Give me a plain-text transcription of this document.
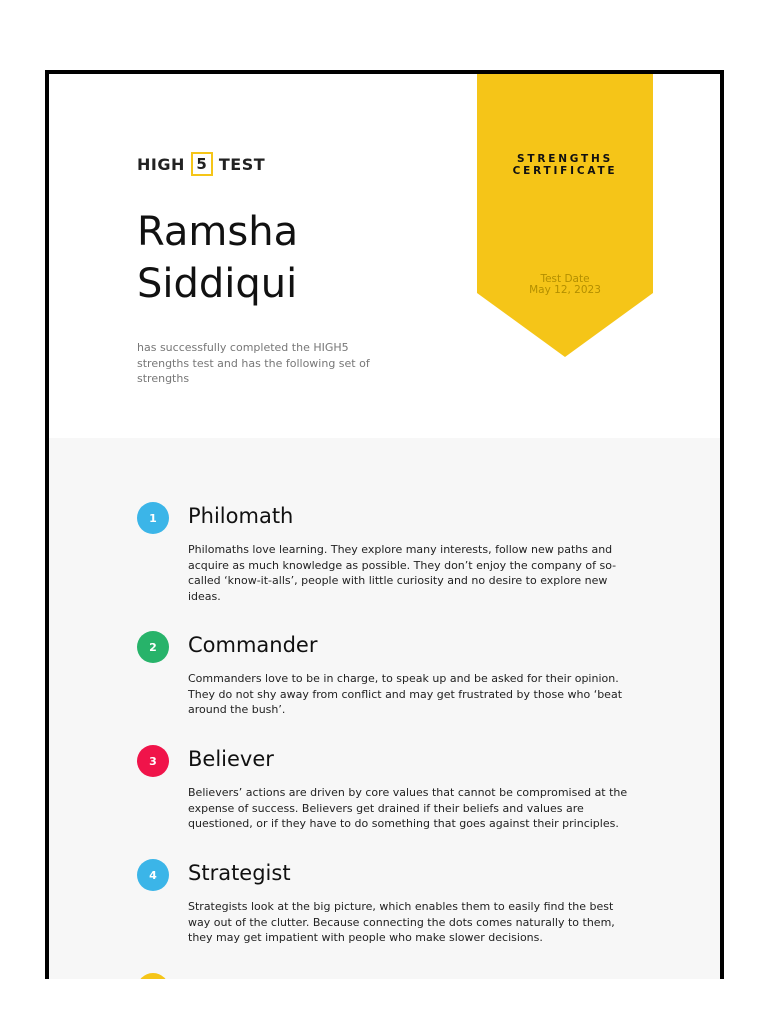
HIGH 5 TEST
Ramsha
Siddiqui

has successfully completed the HIGH5 strengths test and has the following set of strengths

STRENGTHS
CERTIFICATE
Test Date
May 12, 2023
1	Philomath

Philomaths love learning. They explore many interests, follow new paths and acquire as much knowledge as possible. They don’t enjoy the company of so-called ‘know-it-alls’, people with little curiosity and no desire to explore new ideas.

2	Commander

Commanders love to be in charge, to speak up and be asked for their opinion. They do not shy away from conflict and may get frustrated by those who ‘beat around the bush’.

3	Believer

Believers’ actions are driven by core values that cannot be compromised at the expense of success. Believers get drained if their beliefs and values are questioned, or if they have to do something that goes against their principles.

4	Strategist

Strategists look at the big picture, which enables them to easily find the best way out of the clutter. Because connecting the dots comes naturally to them, they may get impatient with people who make slower decisions.
